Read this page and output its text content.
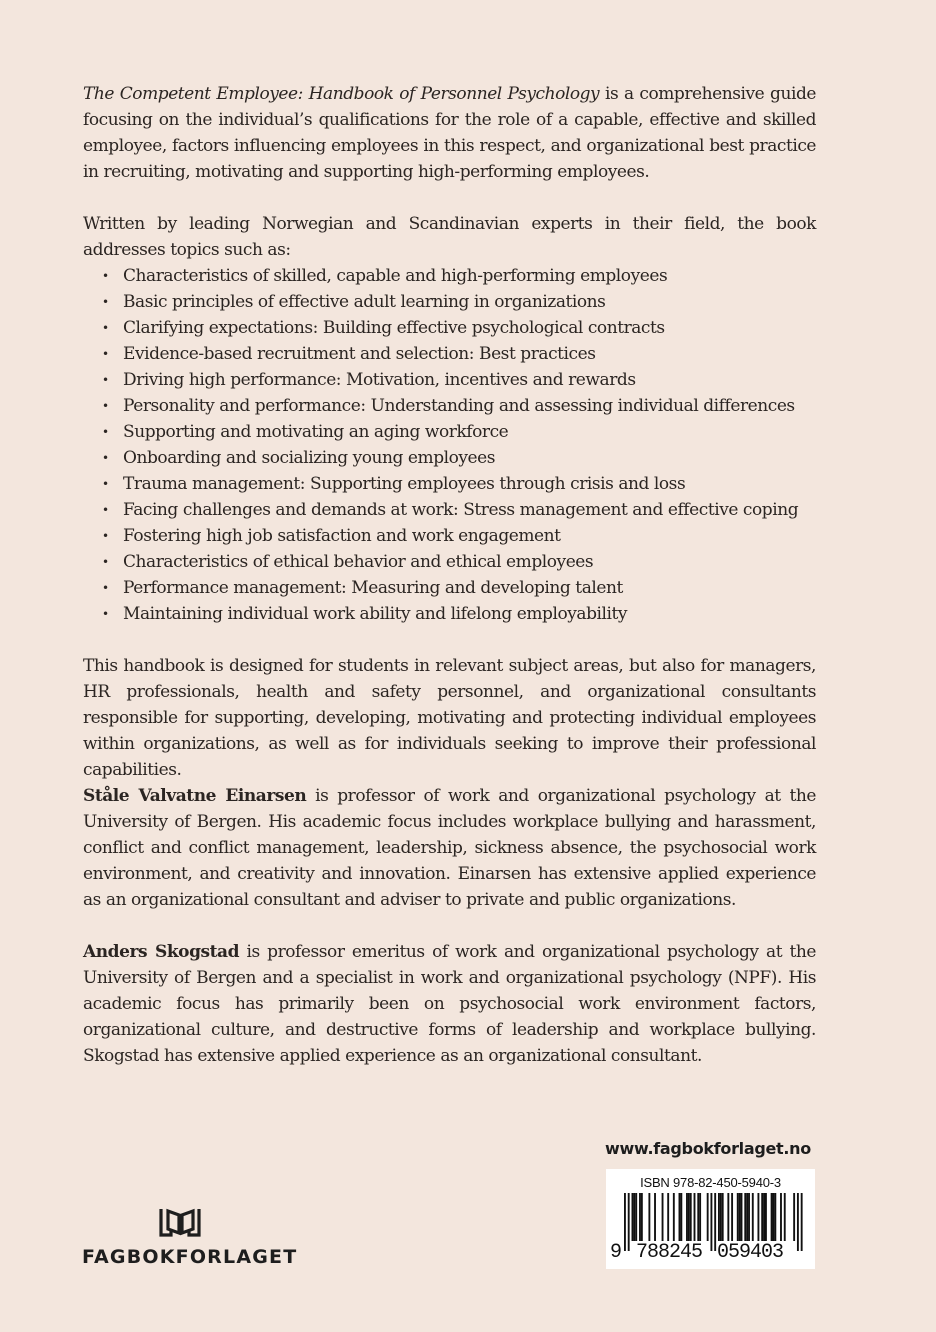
The Competent Employee: Handbook of Personnel Psychology is a comprehensive guide focusing on the individual’s qualifications for the role of a capable, effective and skilled employee, factors influencing employees in this respect, and organizational best practice in recruiting, motivating and supporting high-performing employees.

Written by leading Norwegian and Scandinavian experts in their field, the book addresses topics such as:

• Characteristics of skilled, capable and high-performing employees
• Basic principles of effective adult learning in organizations
• Clarifying expectations: Building effective psychological contracts
• Evidence-based recruitment and selection: Best practices
• Driving high performance: Motivation, incentives and rewards
• Personality and performance: Understanding and assessing individual differences
• Supporting and motivating an aging workforce
• Onboarding and socializing young employees
• Trauma management: Supporting employees through crisis and loss
• Facing challenges and demands at work: Stress management and effective coping
• Fostering high job satisfaction and work engagement
• Characteristics of ethical behavior and ethical employees
• Performance management: Measuring and developing talent
• Maintaining individual work ability and lifelong employability

This handbook is designed for students in relevant subject areas, but also for managers, HR professionals, health and safety personnel, and organizational consultants responsible for supporting, developing, motivating and protecting individual employees within organizations, as well as for individuals seeking to improve their professional capabilities.

Ståle Valvatne Einarsen is professor of work and organizational psychology at the University of Bergen. His academic focus includes workplace bullying and harassment, conflict and conflict management, leadership, sickness absence, the psychosocial work environment, and creativity and innovation. Einarsen has extensive applied experience as an organizational consultant and adviser to private and public organizations.

Anders Skogstad is professor emeritus of work and organizational psychology at the University of Bergen and a specialist in work and organizational psychology (NPF). His academic focus has primarily been on psychosocial work environment factors, organizational culture, and destructive forms of leadership and workplace bullying. Skogstad has extensive applied experience as an organizational consultant.

www.fagbokforlaget.no
ISBN 978-82-450-5940-3
9 788245 059403
FAGBOKFORLAGET
